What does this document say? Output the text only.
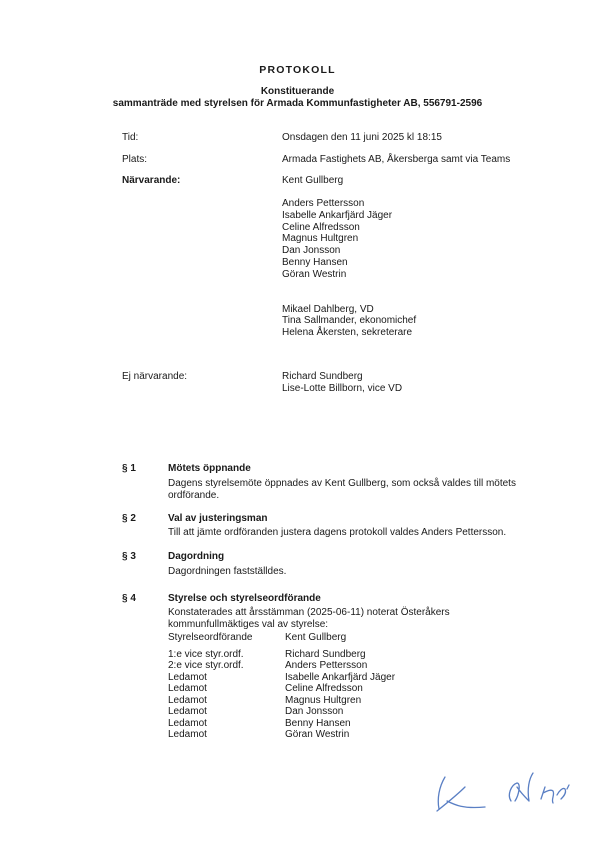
PROTOKOLL
Konstituerande
sammanträde med styrelsen för Armada Kommunfastigheter AB, 556791-2596
Tid:	Onsdagen den 11 juni 2025 kl 18:15
Plats:	Armada Fastighets AB, Åkersberga samt via Teams
Närvarande:	Kent Gullberg
Anders Pettersson
Isabelle Ankarfjärd Jäger
Celine Alfredsson
Magnus Hultgren
Dan Jonsson
Benny Hansen
Göran Westrin
Mikael Dahlberg, VD
Tina Sallmander, ekonomichef
Helena Åkersten, sekreterare
Ej närvarande:	Richard Sundberg
Lise-Lotte Billborn, vice VD
§ 1	Mötets öppnande
Dagens styrelsemöte öppnades av Kent Gullberg, som också valdes till mötets ordförande.
§ 2	Val av justeringsman
Till att jämte ordföranden justera dagens protokoll valdes Anders Pettersson.
§ 3	Dagordning
Dagordningen fastställdes.
§ 4	Styrelse och styrelseordförande
Konstaterades att årsstämman (2025-06-11) noterat Österåkers kommunfullmäktiges val av styrelse:
Styrelseordförande	Kent Gullberg

1:e vice styr.ordf.	Richard Sundberg
2:e vice styr.ordf.	Anders Pettersson
Ledamot	Isabelle Ankarfjärd Jäger
Ledamot	Celine Alfredsson
Ledamot	Magnus Hultgren
Ledamot	Dan Jonsson
Ledamot	Benny Hansen
Ledamot	Göran Westrin
